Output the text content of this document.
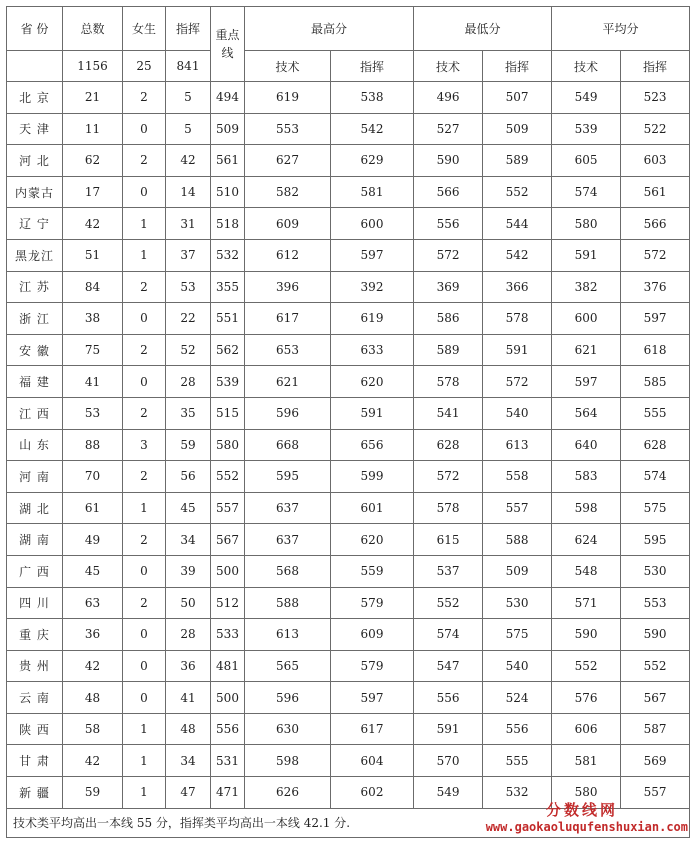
省 份	总数	女生	指挥	重点线	最高分		最低分		平均分	
	1156	25	841		技术	指挥	技术	指挥	技术	指挥
北 京	21	2	5	494	619	538	496	507	549	523
天 津	11	0	5	509	553	542	527	509	539	522
河 北	62	2	42	561	627	629	590	589	605	603
内蒙古	17	0	14	510	582	581	566	552	574	561
辽 宁	42	1	31	518	609	600	556	544	580	566
黑龙江	51	1	37	532	612	597	572	542	591	572
江 苏	84	2	53	355	396	392	369	366	382	376
浙 江	38	0	22	551	617	619	586	578	600	597
安 徽	75	2	52	562	653	633	589	591	621	618
福 建	41	0	28	539	621	620	578	572	597	585
江 西	53	2	35	515	596	591	541	540	564	555
山 东	88	3	59	580	668	656	628	613	640	628
河 南	70	2	56	552	595	599	572	558	583	574
湖 北	61	1	45	557	637	601	578	557	598	575
湖 南	49	2	34	567	637	620	615	588	624	595
广 西	45	0	39	500	568	559	537	509	548	530
四 川	63	2	50	512	588	579	552	530	571	553
重 庆	36	0	28	533	613	609	574	575	590	590
贵 州	42	0	36	481	565	579	547	540	552	552
云 南	48	0	41	500	596	597	556	524	576	567
陕 西	58	1	48	556	630	617	591	556	606	587
甘 肃	42	1	34	531	598	604	570	555	581	569
新 疆	59	1	47	471	626	602	549	532	580	557
技术类平均高出一本线 55 分，指挥类平均高出一本线 42.1 分.										
分数线网
www.gaokaoluqufenshuxian.com
